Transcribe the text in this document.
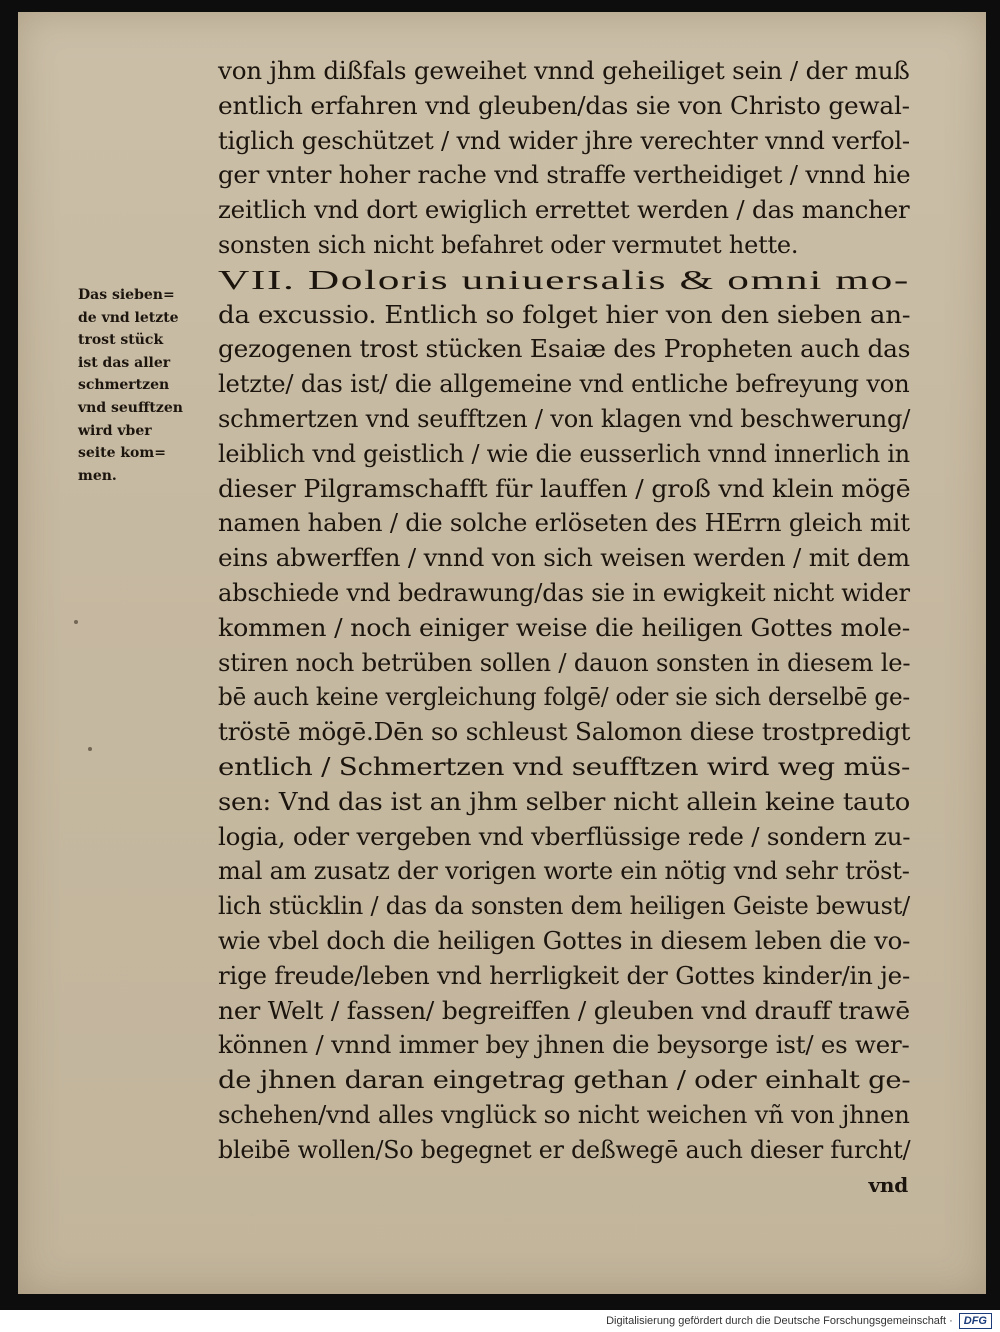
Das sieben=
de vnd letzte
trost stück
ist das aller
schmertzen
vnd seufftzen
wird vber
seite kom=
men.
von jhm dißfals geweihet vnnd geheiliget sein / der muß
entlich erfahren vnd gleuben/das sie von Christo gewal-
tiglich geschützet / vnd wider jhre verechter vnnd verfol-
ger vnter hoher rache vnd straffe vertheidiget / vnnd hie
zeitlich vnd dort ewiglich errettet werden / das mancher
sonsten sich nicht befahret oder vermutet hette.
VII. Doloris uniuersalis & omni mo-
da excussio. Entlich so folget hier von den sieben an-
gezogenen trost stücken Esaiæ des Propheten auch das
letzte/ das ist/ die allgemeine vnd entliche befreyung von
schmertzen vnd seufftzen / von klagen vnd beschwerung/
leiblich vnd geistlich / wie die eusserlich vnnd innerlich in
dieser Pilgramschafft für lauffen / groß vnd klein mögē
namen haben / die solche erlöseten des HErrn gleich mit
eins abwerffen / vnnd von sich weisen werden / mit dem
abschiede vnd bedrawung/das sie in ewigkeit nicht wider
kommen / noch einiger weise die heiligen Gottes mole-
stiren noch betrüben sollen / dauon sonsten in diesem le-
bē auch keine vergleichung folgē/ oder sie sich derselbē ge-
tröstē mögē.Dēn so schleust Salomon diese trostpredigt
entlich / Schmertzen vnd seufftzen wird weg müs-
sen: Vnd das ist an jhm selber nicht allein keine tauto
logia, oder vergeben vnd vberflüssige rede / sondern zu-
mal am zusatz der vorigen worte ein nötig vnd sehr tröst-
lich stücklin / das da sonsten dem heiligen Geiste bewust/
wie vbel doch die heiligen Gottes in diesem leben die vo-
rige freude/leben vnd herrligkeit der Gottes kinder/in je-
ner Welt / fassen/ begreiffen / gleuben vnd drauff trawē
können / vnnd immer bey jhnen die beysorge ist/ es wer-
de jhnen daran eingetrag gethan / oder einhalt ge-
schehen/vnd alles vnglück so nicht weichen vñ von jhnen
bleibē wollen/So begegnet er deßwegē auch dieser furcht/
vnd
Digitalisierung gefördert durch die Deutsche Forschungsgemeinschaft ·	DFG
